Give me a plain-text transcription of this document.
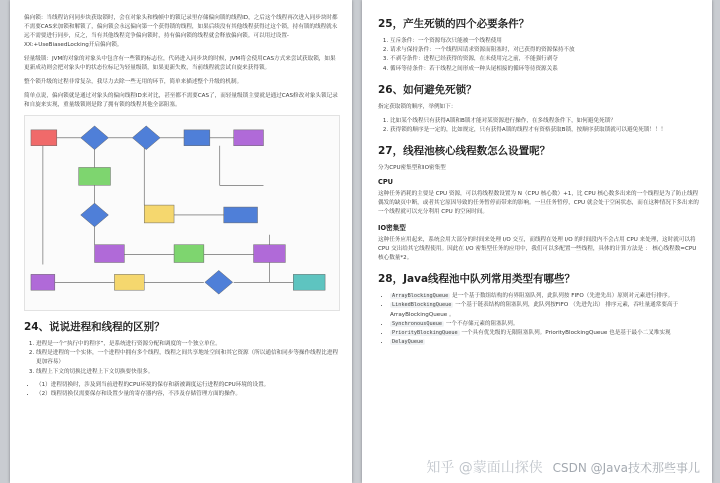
偏向锁：当线程访问同步块获取锁时，会在对象头和栈帧中的锁记录里存储偏向锁的线程ID，之后这个线程再次进入同步块时都不需要CAS来加锁和解锁了，偏向锁会永远偏向第一个获得锁的线程，如果后续没有其他线程获得过这个锁，持有锁的线程就永远不需要进行同步，反之，当有其他线程竞争偏向锁时，持有偏向锁的线程就会释放偏向锁。可以用过设置-XX:+UseBiasedLocking开启偏向锁。

轻量级锁：JVM的对象的对象头中包含有一些锁的标志位，代码进入同步块的时候，JVM将会使用CAS方式来尝试获取锁，如果更新成功则会把对象头中的状态位标记为轻量级锁，如果更新失败，当前线程就尝试自旋来获得锁。

整个锁升级的过程非常复杂，我尽力去除一些无用的环节，简单来描述整个升级的机制。

简单点说，偏向锁就是通过对象头的偏向线程ID来对比，甚至都不需要CAS了，而轻量级锁主要就是通过CAS修改对象头锁记录和自旋来实现，重量级锁则是除了拥有锁的线程其他全部阻塞。

24、说说进程和线程的区别？
1. 进程是一个“执行中的程序”，是系统进行资源分配和调度的一个独立单位。
2. 线程是进程的一个实体，一个进程中拥有多个线程，线程之间共享地址空间和其它资源（所以通信和同步等操作线程比进程更加容易）
3. 线程上下文的切换比进程上下文切换要快很多。
• （1）进程切换时，涉及到当前进程的CPU环境的保存和新被调度运行进程的CPU环境的设置。
• （2）线程切换仅需要保存和设置少量的寄存器内容，不涉及存储管理方面的操作。
25，产生死锁的四个必要条件？
1. 互斥条件：一个资源每次只能被一个线程使用
2. 请求与保持条件：一个线程因请求资源而阻塞时，对已获得的资源保持不放
3. 不剥夺条件：进程已经获得的资源，在未使用完之前，不能强行剥夺
4. 循环等待条件：若干线程之间形成一种头尾相接的循环等待资源关系
26、如何避免死锁？

指定获取锁的顺序，举例如下：

1. 比如某个线程只有获得A锁和B锁才能对某资源进行操作，在多线程条件下，如何避免死锁？
2. 获得锁的顺序是一定的，比如规定，只有获得A锁的线程才有资格获取B锁，按顺序获取锁就可以避免死锁！！！
27，线程池核心线程数怎么设置呢？

分为CPU密集型和IO密集型

CPU

这种任务消耗的主要是 CPU 资源，可以将线程数设置为 N（CPU 核心数）+1，比 CPU 核心数多出来的一个线程是为了防止线程偶发的缺页中断，或者其它原因导致的任务暂停而带来的影响。一旦任务暂停，CPU 就会处于空闲状态，而在这种情况下多出来的一个线程就可以充分利用 CPU 的空闲时间。

IO密集型

这种任务应用起来，系统会用大部分的时间来处理 I/O 交互，而线程在处理 I/O 的时间段内不会占用 CPU 来处理，这时就可以将 CPU 交出给其它线程使用。因此在 I/O 密集型任务的应用中，我们可以多配置一些线程，具体的计算方法是 ： 核心线程数=CPU核心数量*2。

28，Java线程池中队列常用类型有哪些？
• ArrayBlockingQueue 是一个基于数组结构的有界阻塞队列，此队列按 FIFO（先进先出）原则对元素进行排序。
• LinkedBlockingQueue 一个基于链表结构的阻塞队列，此队列按FIFO （先进先出） 排序元素，吞吐量通常要高于 ArrayBlockingQueue 。
• SynchronousQueue 一个不存储元素的阻塞队列。
• PriorityBlockingQueue 一个具有优先级的无限阻塞队列。PriorityBlockingQueue 也是基于最小二叉堆实现
• DelayQueue
知乎 @蒙面山探侠 CSDN @Java技术那些事儿
